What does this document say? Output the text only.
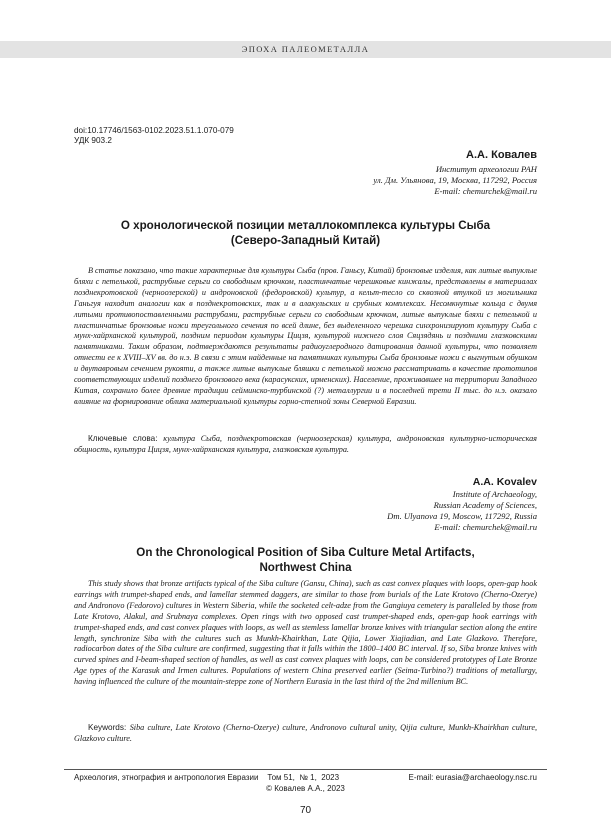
ЭПОХА ПАЛЕОМЕТАЛЛА
doi:10.17746/1563-0102.2023.51.1.070-079
УДК 903.2
А.А. Ковалев
Институт археологии РАН
ул. Дм. Ульянова, 19, Москва, 117292, Россия
E-mail: chemurchek@mail.ru
О хронологической позиции металлокомплекса культуры Сыба
(Северо-Западный Китай)

В статье показано, что такие характерные для культуры Сыба (пров. Ганьсу, Китай) бронзовые изделия, как литые выпуклые бляхи с петелькой, раструбные серьги со свободным крючком, пластинчатые черешковые кинжалы, представлены в материалах позднекротовской (черноозерской) и андроновской (федоровской) культур, а кельт-тесло со сквозной втулкой из могильника Ганьгуя находит аналогии как в позднекротовских, так и в алакульских и срубных комплексах. Несомкнутые кольца с двумя литыми противопоставленными раструбами, раструбные серьги со свободным крючком, литые выпуклые бляхи с петелькой и пластинчатые бронзовые ножи треугольного сечения по всей длине, без выделенного черешка синхронизируют культуру Сыба с мунх-хайрханской культурой, поздним периодом культуры Цицзя, культурой нижнего слоя Сяцзядянь и поздними глазковскими памятниками. Таким образом, подтверждаются результаты радиоуглеродного датирования данной культуры, что позволяет отнести ее к XVIII–XV вв. до н.э. В связи с этим найденные на памятниках культуры Сыба бронзовые ножи с выгнутым обушком и двутавровым сечением рукояти, а также литые выпуклые бляшки с петелькой можно рассматривать в качестве прототипов соответствующих изделий позднего бронзового века (карасукских, ирменских). Население, проживавшее на территории Западного Китая, сохранило более древние традиции сейминско-турбинской (?) металлургии и в последней трети II тыс. до н.э. оказало влияние на формирование облика материальной культуры горно-степной зоны Северной Евразии.

Ключевые слова: культура Сыба, позднекротовская (черноозерская) культура, андроновская культурно-историческая общность, культура Цицзя, мунх-хайрханская культура, глазковская культура.

A.A. Kovalev
Institute of Archaeology,
Russian Academy of Sciences,
Dm. Ulyanova 19, Moscow, 117292, Russia
E-mail: chemurchek@mail.ru
On the Chronological Position of Siba Culture Metal Artifacts,
Northwest China

This study shows that bronze artifacts typical of the Siba culture (Gansu, China), such as cast convex plaques with loops, open-gap hook earrings with trumpet-shaped ends, and lamellar stemmed daggers, are similar to those from burials of the Late Krotovo (Cherno-Ozerye) and Andronovo (Fedorovo) cultures in Western Siberia, while the socketed celt-adze from the Gangiuya cemetery is paralleled by those from Late Krotovo, Alakul, and Srubnaya complexes. Open rings with two opposed cast trumpet-shaped ends, open-gap hook earrings with trumpet-shaped ends, and cast convex plaques with loops, as well as stemless lamellar bronze knives with triangular section along the entire length, synchronize Siba with the cultures such as Munkh-Khairkhan, Late Qijia, Lower Xiajiadian, and Late Glazkovo. Therefore, radiocarbon dates of the Siba culture are confirmed, suggesting that it falls within the 1800–1400 BC interval. If so, Siba bronze knives with curved spines and I-beam-shaped section of handles, as well as cast convex plaques with loops, can be considered prototypes of Late Bronze Age types of the Karasuk and Irmen cultures. Populations of western China preserved earlier (Seima-Turbino?) traditions of metallurgy, having influenced the culture of the mountain-steppe zone of Northern Eurasia in the last third of the 2nd millenium BC.

Keywords: Siba culture, Late Krotovo (Cherno-Ozerye) culture, Andronovo cultural unity, Qijia culture, Munkh-Khairkhan culture, Glazkovo culture.

Археология, этнография и антропология Евразии    Том 51,  № 1,  2023	E-mail: eurasia@archaeology.nsc.ru
© Ковалев А.А., 2023
70
